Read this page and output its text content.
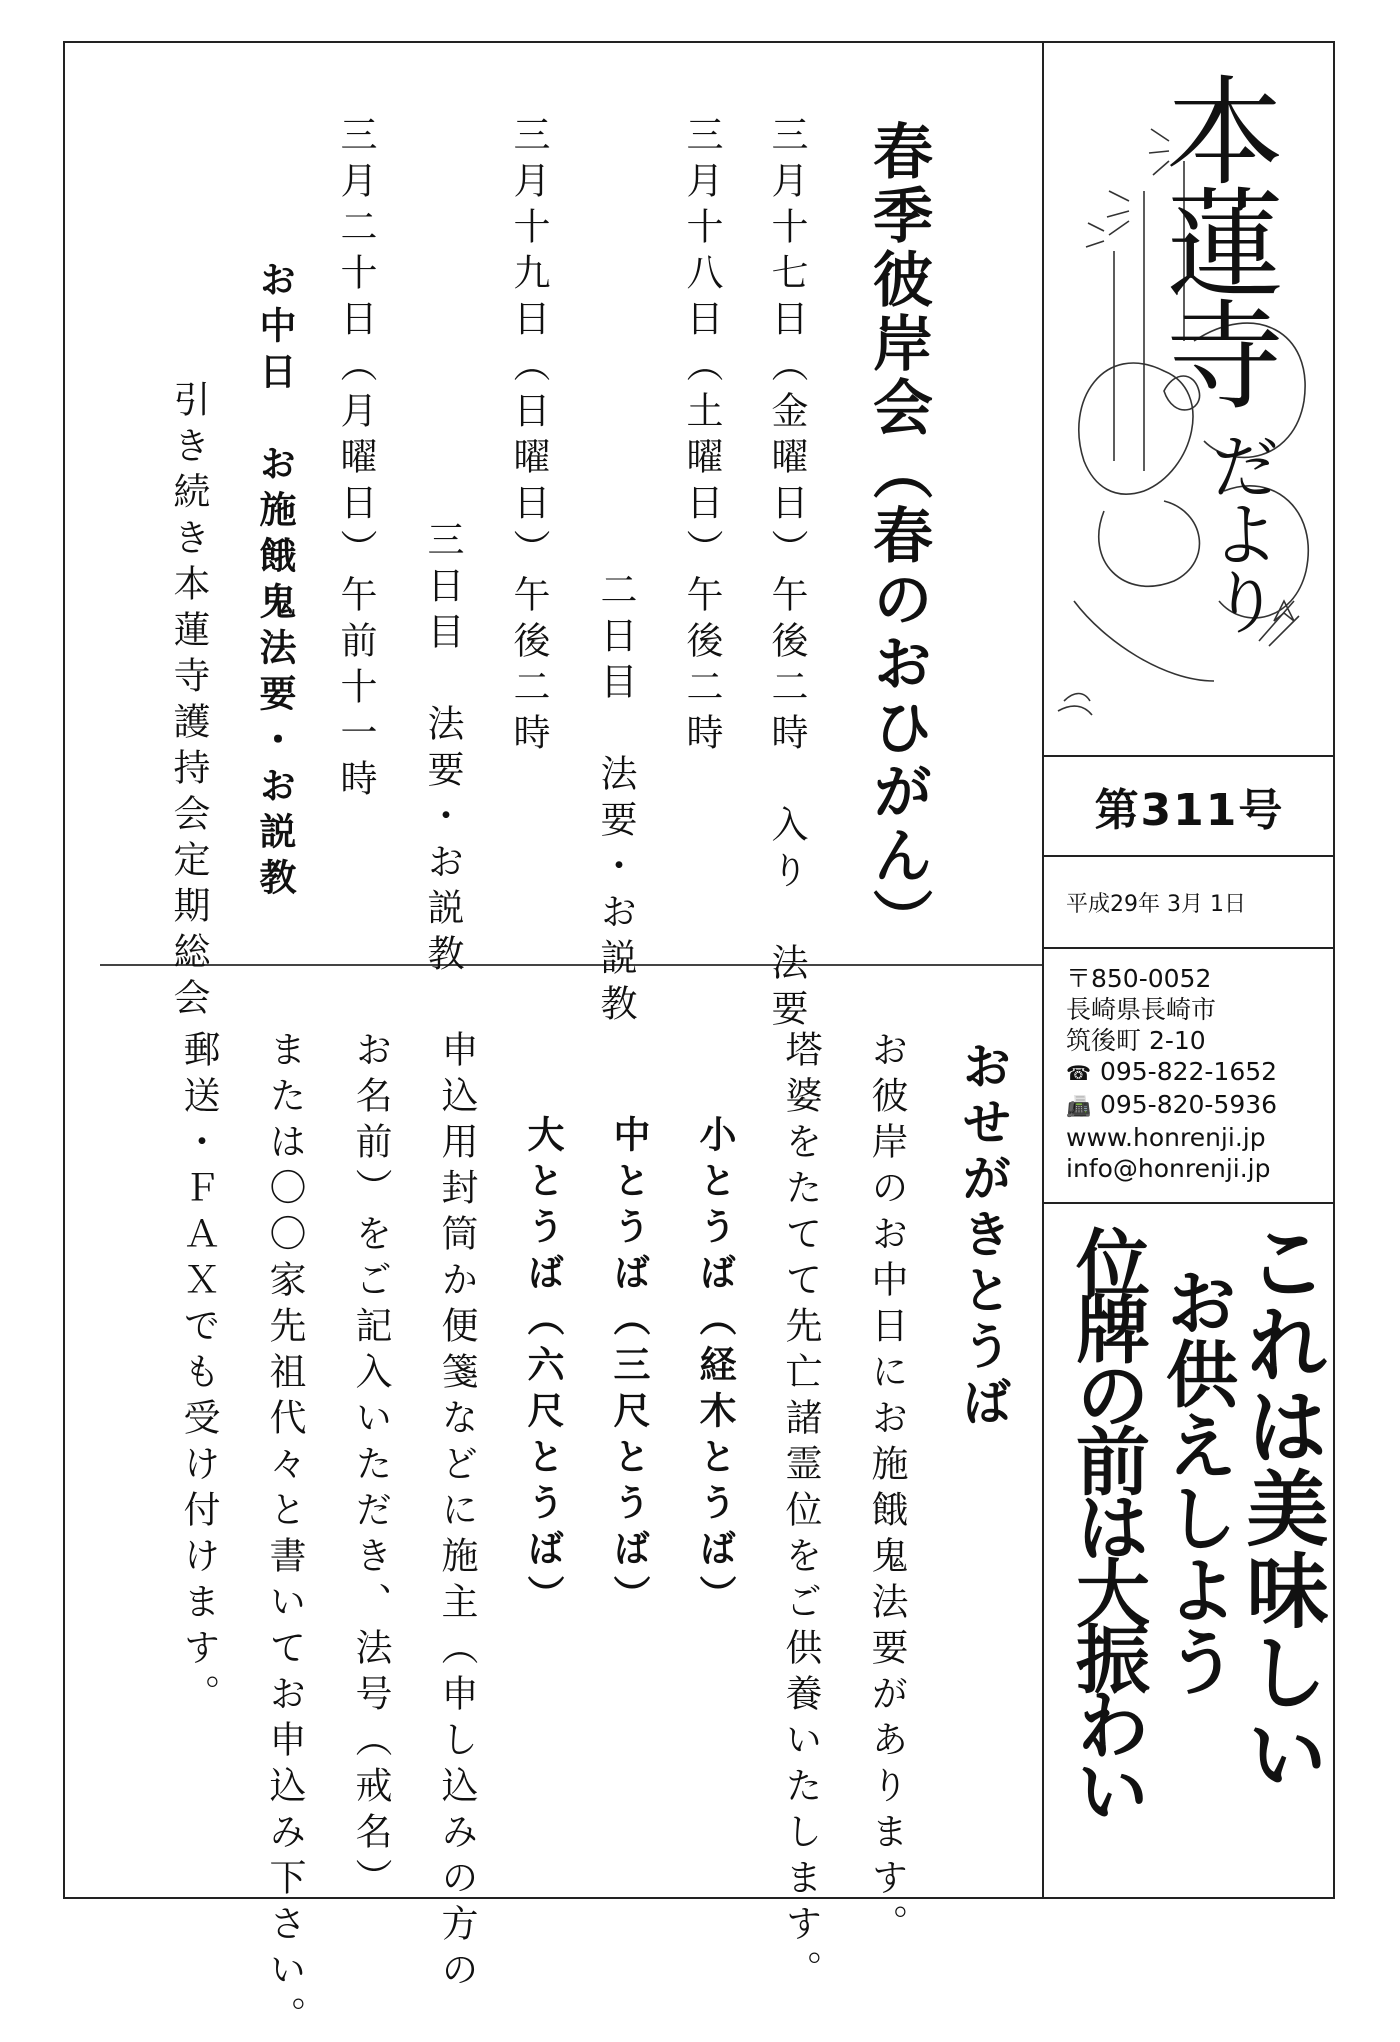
本蓮寺
だより
第311号
平成29年 3月 1日
〒850-0052
長崎県長崎市
筑後町 2-10
☎ 095-822-1652
📠 095-820-5936
www.honrenji.jp
info@honrenji.jp
これは美味しい
お供えしよう
位牌の前は大振わい
春季彼岸会（春のおひがん）
三月十七日（金曜日）午後二時　入り　法要
三月十八日（土曜日）午後二時
二日目　法要・お説教
三月十九日（日曜日）午後二時
三日目　法要・お説教
三月二十日（月曜日）午前十一時
お中日　お施餓鬼法要・お説教
引き続き本蓮寺護持会定期総会
おせがきとうば
お彼岸のお中日にお施餓鬼法要があります。
塔婆をたてて先亡諸霊位をご供養いたします。
小とうば（経木とうば）
中とうば（三尺とうば）
大とうば（六尺とうば）
申込用封筒か便箋などに施主（申し込みの方の
お名前）をご記入いただき、法号（戒名）
または〇〇家先祖代々と書いてお申込み下さい。
郵送・ＦＡＸでも受け付けます。
